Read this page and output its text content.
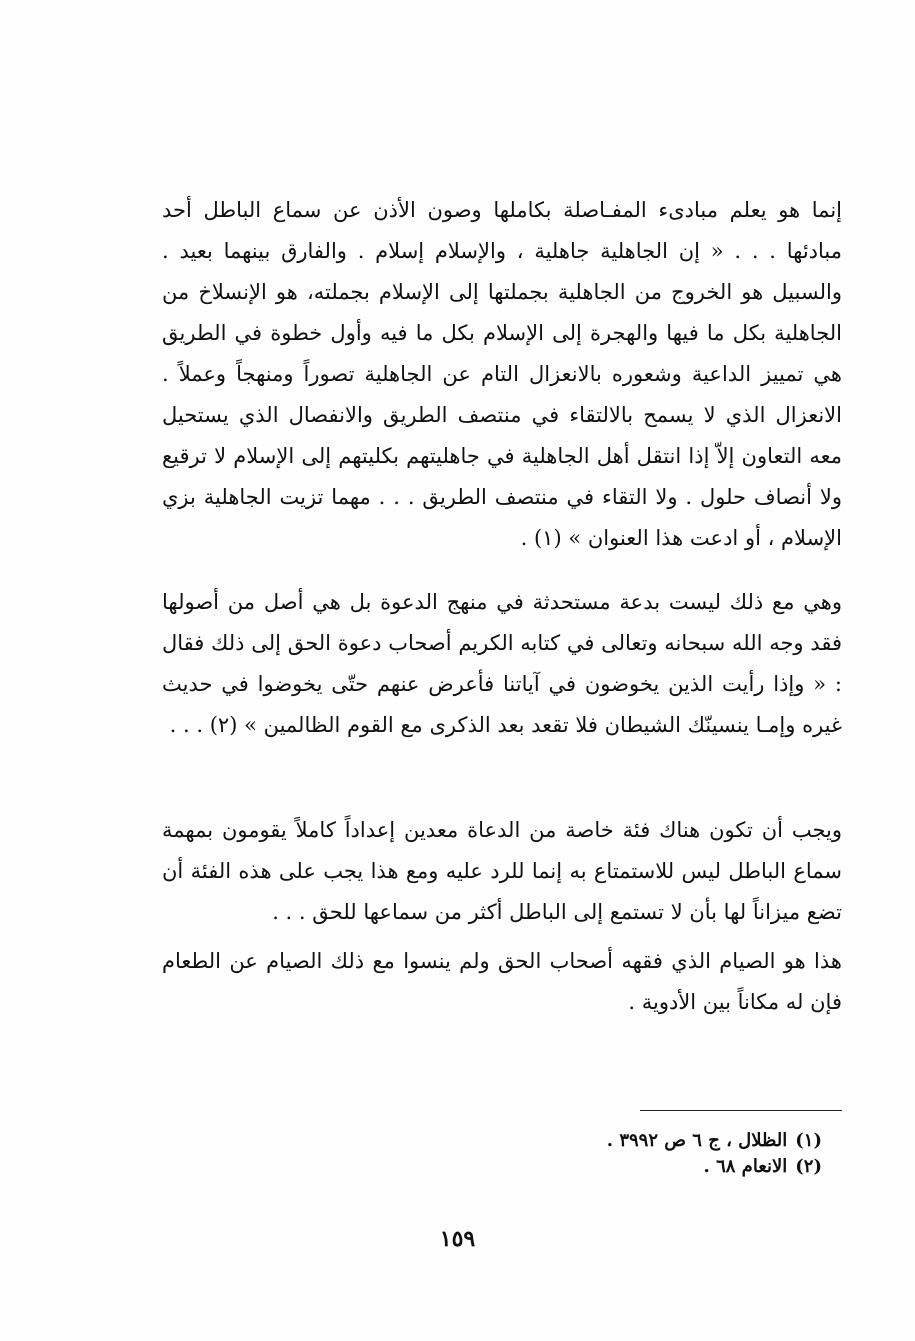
إنما هو يعلم مبادىء المفـاصلة بكاملها وصون الأذن عن سماع الباطل أحد مبادئها . . . « إن الجاهلية جاهلية ، والإسلام إسلام . والفارق بينهما بعيد . والسبيل هو الخروج من الجاهلية بجملتها إلى الإسلام بجملته، هو الإنسلاخ من الجاهلية بكل ما فيها والهجرة إلى الإسلام بكل ما فيه وأول خطوة في الطريق هي تمييز الداعية وشعوره بالانعزال التام عن الجاهلية تصوراً ومنهجاً وعملاً . الانعزال الذي لا يسمح بالالتقاء في منتصف الطريق والانفصال الذي يستحيل معه التعاون إلاّ إذا انتقل أهل الجاهلية في جاهليتهم بكليتهم إلى الإسلام لا ترقيع ولا أنصاف حلول . ولا التقاء في منتصف الطريق . . . مهما تزيت الجاهلية بزي الإسلام ، أو ادعت هذا العنوان » (١) .

وهي مع ذلك ليست بدعة مستحدثة في منهج الدعوة بل هي أصل من أصولها فقد وجه الله سبحانه وتعالى في كتابه الكريم أصحاب دعوة الحق إلى ذلك فقال : « وإذا رأيت الذين يخوضون في آياتنا فأعرض عنهم حتّى يخوضوا في حديث غيره وإمـا ينسينّك الشيطان فلا تقعد بعد الذكرى مع القوم الظالمين » (٢) . . .

ويجب أن تكون هناك فئة خاصة من الدعاة معدين إعداداً كاملاً يقومون بمهمة سماع الباطل ليس للاستمتاع به إنما للرد عليه ومع هذا يجب على هذه الفئة أن تضع ميزاناً لها بأن لا تستمع إلى الباطل أكثر من سماعها للحق . . .

هذا هو الصيام الذي فقهه أصحاب الحق ولم ينسوا مع ذلك الصيام عن الطعام فإن له مكاناً بين الأدوية .

(١)الظلال ، ج ٦ ص ٣٩٩٢ .
(٢)الانعام ٦٨ .
١٥٩
